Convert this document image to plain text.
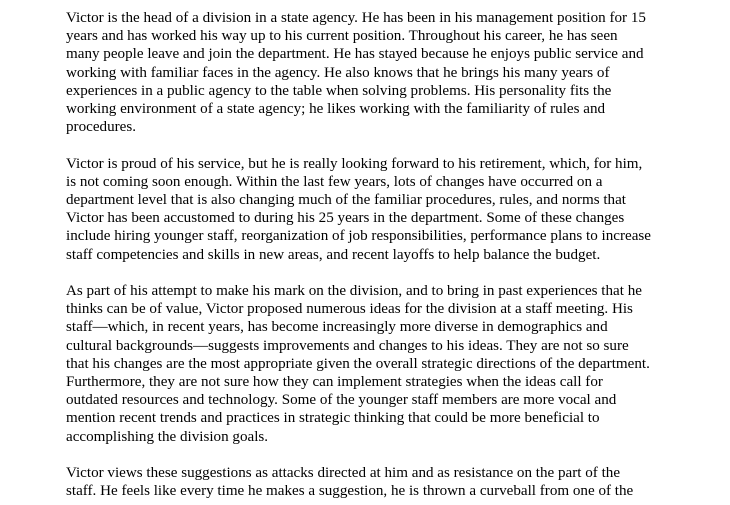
Victor is the head of a division in a state agency. He has been in his management position for 15
years and has worked his way up to his current position. Throughout his career, he has seen
many people leave and join the department. He has stayed because he enjoys public service and
working with familiar faces in the agency. He also knows that he brings his many years of
experiences in a public agency to the table when solving problems. His personality fits the
working environment of a state agency; he likes working with the familiarity of rules and
procedures.
Victor is proud of his service, but he is really looking forward to his retirement, which, for him,
is not coming soon enough. Within the last few years, lots of changes have occurred on a
department level that is also changing much of the familiar procedures, rules, and norms that
Victor has been accustomed to during his 25 years in the department. Some of these changes
include hiring younger staff, reorganization of job responsibilities, performance plans to increase
staff competencies and skills in new areas, and recent layoffs to help balance the budget.
As part of his attempt to make his mark on the division, and to bring in past experiences that he
thinks can be of value, Victor proposed numerous ideas for the division at a staff meeting. His
staff—which, in recent years, has become increasingly more diverse in demographics and
cultural backgrounds—suggests improvements and changes to his ideas. They are not so sure
that his changes are the most appropriate given the overall strategic directions of the department.
Furthermore, they are not sure how they can implement strategies when the ideas call for
outdated resources and technology. Some of the younger staff members are more vocal and
mention recent trends and practices in strategic thinking that could be more beneficial to
accomplishing the division goals.
Victor views these suggestions as attacks directed at him and as resistance on the part of the
staff. He feels like every time he makes a suggestion, he is thrown a curveball from one of the
